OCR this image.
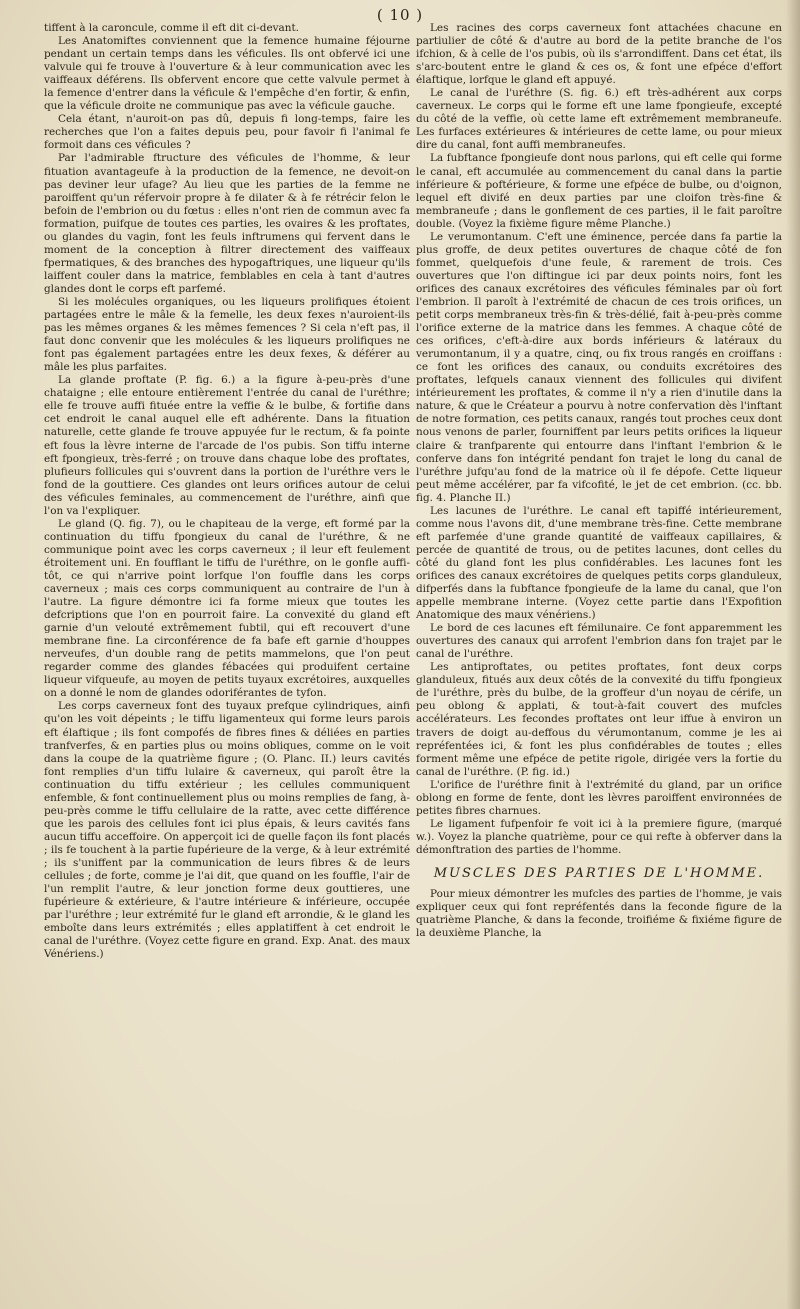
( 10 )

tiffent à la caroncule, comme il eft dit ci-devant.

Les Anatomiftes conviennent que la femence humaine féjourne pendant un certain temps dans les véficules. Ils ont obfervé ici une valvule qui fe trouve à l'ouverture & à leur communication avec les vaiffeaux déférens. Ils obfervent encore que cette valvule permet à la femence d'entrer dans la véficule & l'empêche d'en fortir, & enfin, que la véficule droite ne communique pas avec la véficule gauche.

Cela étant, n'auroit-on pas dû, depuis fi long-temps, faire les recherches que l'on a faites depuis peu, pour favoir fi l'animal fe formoit dans ces véficules ?

Par l'admirable ftructure des véficules de l'homme, & leur fituation avantageufe à la production de la femence, ne devoit-on pas deviner leur ufage? Au lieu que les parties de la femme ne paroiffent qu'un réfervoir propre à fe dilater & à fe rétrécir felon le befoin de l'embrion ou du fœtus : elles n'ont rien de commun avec fa formation, puifque de toutes ces parties, les ovaires & les proftates, ou glandes du vagin, font les feuls inftrumens qui fervent dans le moment de la conception à filtrer directement des vaiffeaux fpermatiques, & des branches des hypogaftriques, une liqueur qu'ils laiffent couler dans la matrice, femblables en cela à tant d'autres glandes dont le corps eft parfemé.

Si les molécules organiques, ou les liqueurs prolifiques étoient partagées entre le mâle & la femelle, les deux fexes n'auroient-ils pas les mêmes organes & les mêmes femences ? Si cela n'eft pas, il faut donc convenir que les molécules & les liqueurs prolifiques ne font pas également partagées entre les deux fexes, & déférer au mâle les plus parfaites.

La glande proftate (P. fig. 6.) a la figure à-peu-près d'une chataigne ; elle entoure entièrement l'entrée du canal de l'uréthre; elle fe trouve auffi fituée entre la veffie & le bulbe, & fortifie dans cet endroit le canal auquel elle eft adhérente. Dans la fituation naturelle, cette glande fe trouve appuyée fur le rectum, & fa pointe eft fous la lèvre interne de l'arcade de l'os pubis. Son tiffu interne eft fpongieux, très-ferré ; on trouve dans chaque lobe des proftates, plufieurs follicules qui s'ouvrent dans la portion de l'uréthre vers le fond de la gouttiere. Ces glandes ont leurs orifices autour de celui des véficules feminales, au commencement de l'uréthre, ainfi que l'on va l'expliquer.

Le gland (Q. fig. 7), ou le chapiteau de la verge, eft formé par la continuation du tiffu fpongieux du canal de l'uréthre, & ne communique point avec les corps caverneux ; il leur eft feulement étroitement uni. En foufflant le tiffu de l'uréthre, on le gonfle auffi-tôt, ce qui n'arrive point lorfque l'on fouffle dans les corps caverneux ; mais ces corps communiquent au contraire de l'un à l'autre. La figure démontre ici fa forme mieux que toutes les defcriptions que l'on en pourroit faire. La convexité du gland eft garnie d'un velouté extrêmement fubtil, qui eft recouvert d'une membrane fine. La circonférence de fa bafe eft garnie d'houppes nerveufes, d'un double rang de petits mammelons, que l'on peut regarder comme des glandes fébacées qui produifent certaine liqueur vifqueufe, au moyen de petits tuyaux excrétoires, auxquelles on a donné le nom de glandes odoriférantes de tyfon.

Les corps caverneux font des tuyaux prefque cylindriques, ainfi qu'on les voit dépeints ; le tiffu ligamenteux qui forme leurs parois eft élaftique ; ils font compofés de fibres fines & déliées en parties tranfverfes, & en parties plus ou moins obliques, comme on le voit dans la coupe de la quatrième figure ; (O. Planc. II.) leurs cavités font remplies d'un tiffu lulaire & caverneux, qui paroît être la continuation du tiffu extérieur ; les cellules communiquent enfemble, & font continuellement plus ou moins remplies de fang, à-peu-près comme le tiffu cellulaire de la ratte, avec cette différence que les parois des cellules font ici plus épais, & leurs cavités fans aucun tiffu acceffoire. On apperçoit ici de quelle façon ils font placés ; ils fe touchent à la partie fupérieure de la verge, & à leur extrémité ; ils s'uniffent par la communication de leurs fibres & de leurs cellules ; de forte, comme je l'ai dit, que quand on les fouffle, l'air de l'un remplit l'autre, & leur jonction forme deux gouttieres, une fupérieure & extérieure, & l'autre intérieure & inférieure, occupée par l'uréthre ; leur extrémité fur le gland eft arrondie, & le gland les emboîte dans leurs extrémités ; elles applatiffent à cet endroit le canal de l'uréthre. (Voyez cette figure en grand. Exp. Anat. des maux Vénériens.)

Les racines des corps caverneux font attachées chacune en partiulier de côté & d'autre au bord de la petite branche de l'os ifchion, & à celle de l'os pubis, où ils s'arrondiffent. Dans cet état, ils s'arc-boutent entre le gland & ces os, & font une efpéce d'effort élaftique, lorfque le gland eft appuyé.

Le canal de l'uréthre (S. fig. 6.) eft très-adhérent aux corps caverneux. Le corps qui le forme eft une lame fpongieufe, excepté du côté de la veffie, où cette lame eft extrêmement membraneufe. Les furfaces extérieures & intérieures de cette lame, ou pour mieux dire du canal, font auffi membraneufes.

La fubftance fpongieufe dont nous parlons, qui eft celle qui forme le canal, eft accumulée au commencement du canal dans la partie inférieure & poftérieure, & forme une efpéce de bulbe, ou d'oignon, lequel eft divifé en deux parties par une cloifon très-fine & membraneufe ; dans le gonflement de ces parties, il le fait paroître double. (Voyez la fixième figure même Planche.)

Le verumontanum. C'eft une éminence, percée dans fa partie la plus groffe, de deux petites ouvertures de chaque côté de fon fommet, quelquefois d'une feule, & rarement de trois. Ces ouvertures que l'on diftingue ici par deux points noirs, font les orifices des canaux excrétoires des véficules féminales par où fort l'embrion. Il paroît à l'extrémité de chacun de ces trois orifices, un petit corps membraneux très-fin & très-délié, fait à-peu-près comme l'orifice externe de la matrice dans les femmes. A chaque côté de ces orifices, c'eft-à-dire aux bords inférieurs & latéraux du verumontanum, il y a quatre, cinq, ou fix trous rangés en croiffans : ce font les orifices des canaux, ou conduits excrétoires des proftates, lefquels canaux viennent des follicules qui divifent intérieurement les proftates, & comme il n'y a rien d'inutile dans la nature, & que le Créateur a pourvu à notre confervation dès l'inftant de notre formation, ces petits canaux, rangés tout proches ceux dont nous venons de parler, fourniffent par leurs petits orifices la liqueur claire & tranfparente qui entourre dans l'inftant l'embrion & le conferve dans fon intégrité pendant fon trajet le long du canal de l'uréthre jufqu'au fond de la matrice où il fe dépofe. Cette liqueur peut même accélérer, par fa vifcofité, le jet de cet embrion. (cc. bb. fig. 4. Planche II.)

Les lacunes de l'uréthre. Le canal eft tapiffé intérieurement, comme nous l'avons dit, d'une membrane très-fine. Cette membrane eft parfemée d'une grande quantité de vaiffeaux capillaires, & percée de quantité de trous, ou de petites lacunes, dont celles du côté du gland font les plus confidérables. Les lacunes font les orifices des canaux excrétoires de quelques petits corps glanduleux, difperfés dans la fubftance fpongieufe de la lame du canal, que l'on appelle membrane interne. (Voyez cette partie dans l'Expofition Anatomique des maux vénériens.)

Le bord de ces lacunes eft fémilunaire. Ce font apparemment les ouvertures des canaux qui arrofent l'embrion dans fon trajet par le canal de l'uréthre.

Les antiproftates, ou petites proftates, font deux corps glanduleux, fitués aux deux côtés de la convexité du tiffu fpongieux de l'uréthre, près du bulbe, de la groffeur d'un noyau de cérife, un peu oblong & applati, & tout-à-fait couvert des mufcles accélérateurs. Les fecondes proftates ont leur iffue à environ un travers de doigt au-deffous du vérumontanum, comme je les ai repréfentées ici, & font les plus confidérables de toutes ; elles forment même une efpéce de petite rigole, dirigée vers la fortie du canal de l'uréthre. (P. fig. id.)

L'orifice de l'uréthre finit à l'extrémité du gland, par un orifice oblong en forme de fente, dont les lèvres paroiffent environnées de petites fibres charnues.

Le ligament fufpenfoir fe voit ici à la premiere figure, (marqué w.). Voyez la planche quatrième, pour ce qui refte à obferver dans la démonftration des parties de l'homme.

MUSCLES DES PARTIES DE L'HOMME.

Pour mieux démontrer les mufcles des parties de l'homme, je vais expliquer ceux qui font repréfentés dans la feconde figure de la quatrième Planche, & dans la feconde, troifiéme & fixiéme figure de la deuxième Planche, la
